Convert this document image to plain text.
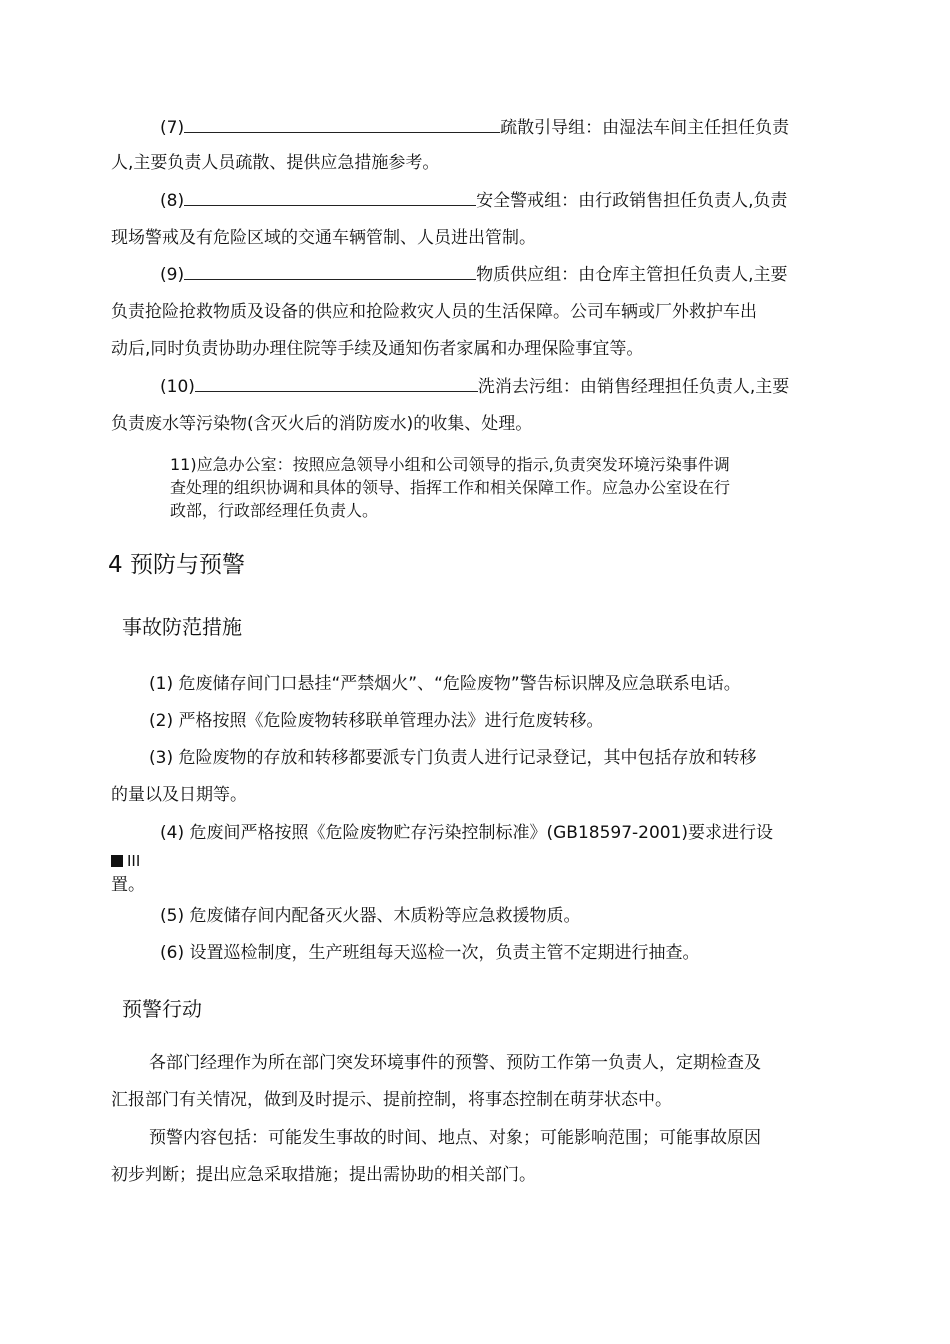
(7)	疏散引导组：由湿法车间主任担任负责
人,主要负责人员疏散、提供应急措施参考。
(8)	安全警戒组：由行政销售担任负责人,负责
现场警戒及有危险区域的交通车辆管制、人员进出管制。
(9)	物质供应组：由仓库主管担任负责人,主要
负责抢险抢救物质及设备的供应和抢险救灾人员的生活保障。公司车辆或厂外救护车出
动后,同时负责协助办理住院等手续及通知伤者家属和办理保险事宜等。
(10)	洗消去污组：由销售经理担任负责人,主要
负责废水等污染物(含灭火后的消防废水)的收集、处理。
11)应急办公室：按照应急领导小组和公司领导的指示,负责突发环境污染事件调
查处理的组织协调和具体的领导、指挥工作和相关保障工作。应急办公室设在行
政部，行政部经理任负责人。
4 预防与预警
事故防范措施
(1) 危废储存间门口悬挂“严禁烟火”、“危险废物”警告标识牌及应急联系电话。
(2) 严格按照《危险废物转移联单管理办法》进行危废转移。
(3) 危险废物的存放和转移都要派专门负责人进行记录登记，其中包括存放和转移
的量以及日期等。
(4) 危废间严格按照《危险废物贮存污染控制标准》(GB18597-2001)要求进行设
III
置。
(5) 危废储存间内配备灭火器、木质粉等应急救援物质。
(6) 设置巡检制度，生产班组每天巡检一次，负责主管不定期进行抽查。
预警行动
各部门经理作为所在部门突发环境事件的预警、预防工作第一负责人，定期检查及
汇报部门有关情况，做到及时提示、提前控制，将事态控制在萌芽状态中。
预警内容包括：可能发生事故的时间、地点、对象；可能影响范围；可能事故原因
初步判断；提出应急采取措施；提出需协助的相关部门。
